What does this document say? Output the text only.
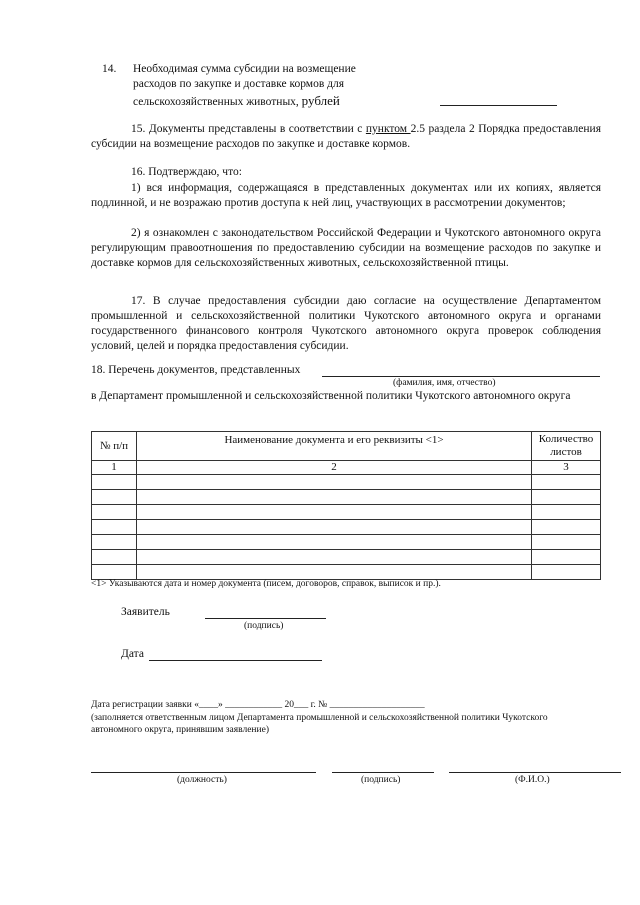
14. Необходимая сумма субсидии на возмещение
расходов по закупке и доставке кормов для
сельскохозяйственных животных, рублей
15. Документы представлены в соответствии с пунктом 2.5 раздела 2 Порядка предоставления субсидии на возмещение расходов по закупке и доставке кормов.
16. Подтверждаю, что:
1) вся информация, содержащаяся в представленных документах или их копиях, является подлинной, и не возражаю против доступа к ней лиц, участвующих в рассмотрении документов;
2) я ознакомлен с законодательством Российской Федерации и Чукотского автономного округа регулирующим правоотношения по предоставлению субсидии на возмещение расходов по закупке и доставке кормов для сельскохозяйственных животных, сельскохозяйственной птицы.
17. В случае предоставления субсидии даю согласие на осуществление Департаментом промышленной и сельскохозяйственной политики Чукотского автономного округа и органами государственного финансового контроля Чукотского автономного округа проверок соблюдения условий, целей и порядка предоставления субсидии.
18. Перечень документов, представленных
(фамилия, имя, отчество)
в Департамент промышленной и сельскохозяйственной политики Чукотского автономного округа
№ п/п	Наименование документа и его реквизиты <1>	Количество листов
1	2	3

<1> Указываются дата и номер документа (писем, договоров, справок, выписок и пр.).
Заявитель
(подпись)
Дата
Дата регистрации заявки «____» ____________ 20___ г. № ____________________
(заполняется ответственным лицом Департамента промышленной и сельскохозяйственной политики Чукотского автономного округа, принявшим заявление)
(должность)	(подпись)	(Ф.И.О.)
